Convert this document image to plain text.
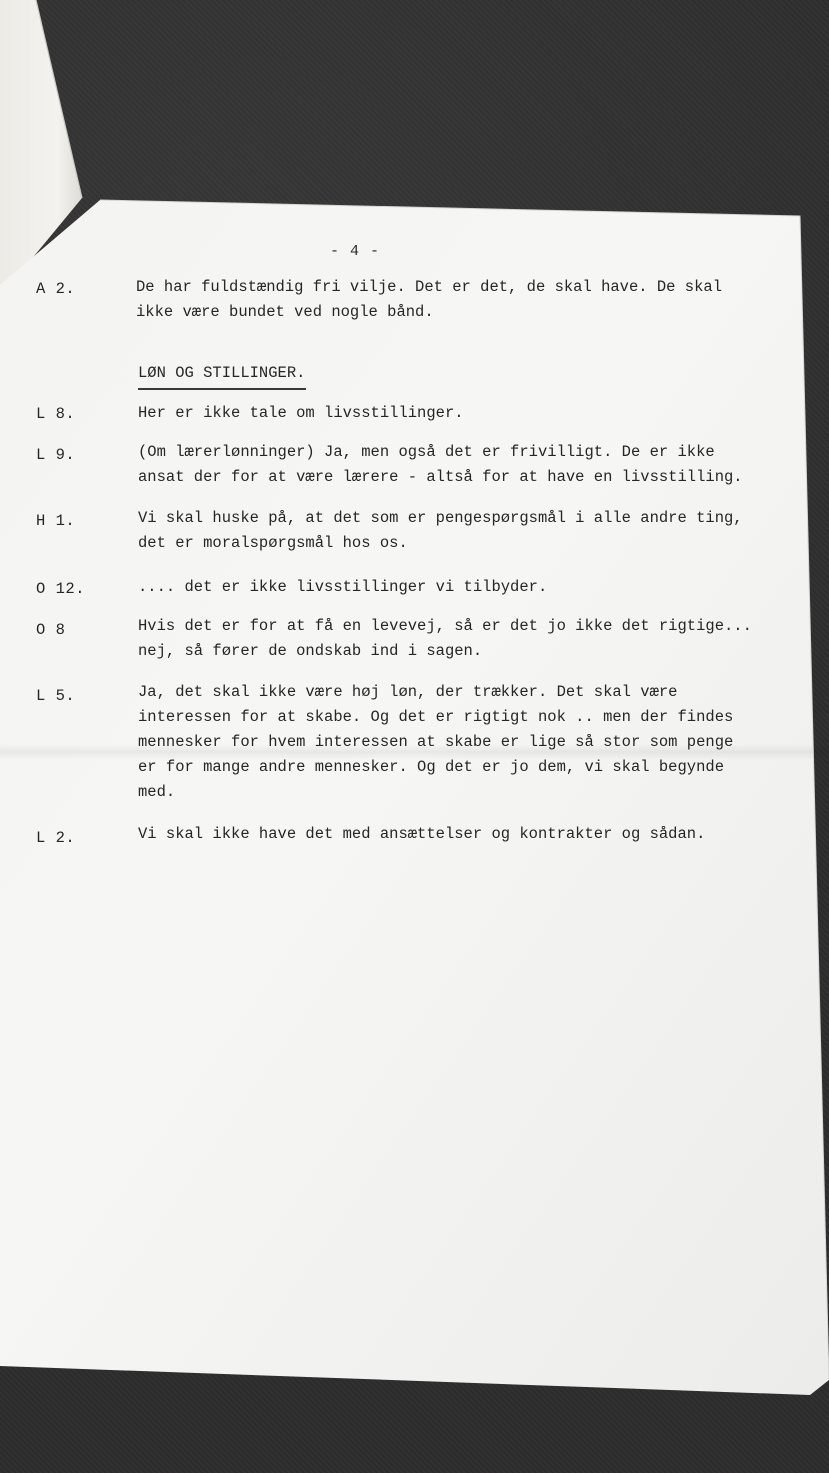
- 4 -
A 2.	De har fuldstændig fri vilje. Det er det, de skal have. De skal
ikke være bundet ved nogle bånd.
LØN OG STILLINGER.
L 8.	Her er ikke tale om livsstillinger.
L 9.	(Om lærerlønninger) Ja, men også det er frivilligt. De er ikke
ansat der for at være lærere - altså for at have en livsstilling.
H 1.	Vi skal huske på, at det som er pengespørgsmål i alle andre ting,
det er moralspørgsmål hos os.
O 12.	.... det er ikke livsstillinger vi tilbyder.
O 8	Hvis det er for at få en levevej, så er det jo ikke det rigtige...
nej, så fører de ondskab ind i sagen.
L 5.	Ja, det skal ikke være høj løn, der trækker. Det skal være
interessen for at skabe. Og det er rigtigt nok .. men der findes
mennesker for hvem interessen at skabe er lige så stor som penge
er for mange andre mennesker. Og det er jo dem, vi skal begynde
med.
L 2.	Vi skal ikke have det med ansættelser og kontrakter og sådan.
